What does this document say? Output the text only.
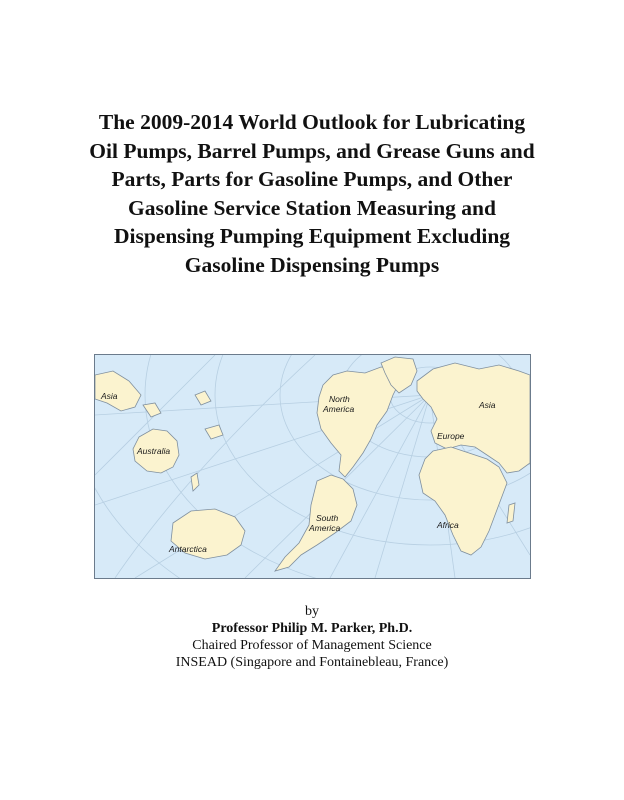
The 2009-2014 World Outlook for Lubricating
Oil Pumps, Barrel Pumps, and Grease Guns and
Parts, Parts for Gasoline Pumps, and Other
Gasoline Service Station Measuring and
Dispensing Pumping Equipment Excluding
Gasoline Dispensing Pumps
Asia	North
America	Asia
Europe
Australia
South
America	Africa
Antarctica
by
Professor Philip M. Parker, Ph.D.
Chaired Professor of Management Science
INSEAD (Singapore and Fontainebleau, France)
